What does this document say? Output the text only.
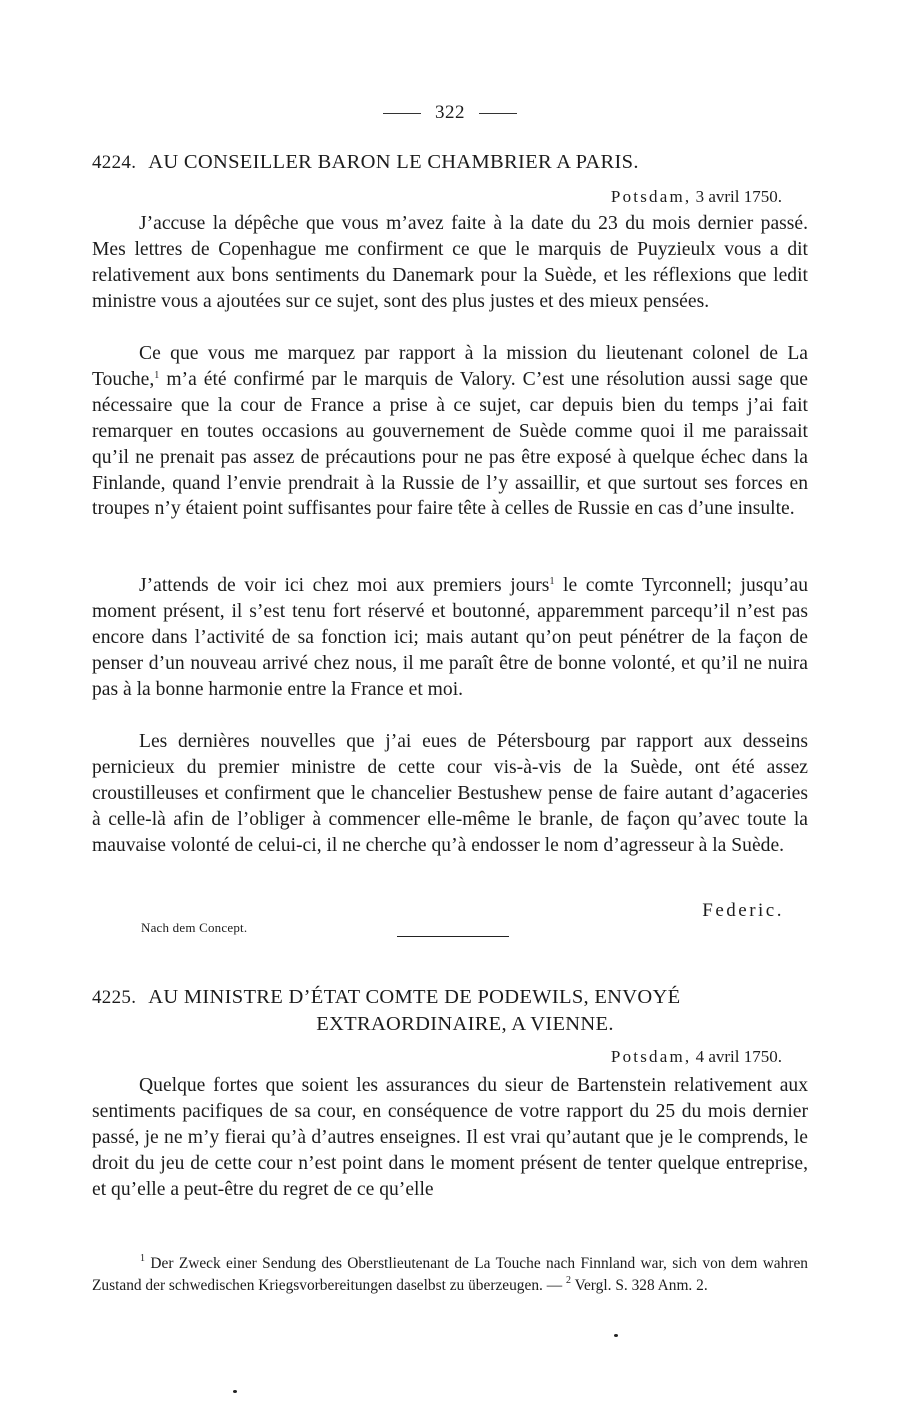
322
4224. AU CONSEILLER BARON LE CHAMBRIER A PARIS.
Potsdam, 3 avril 1750.

J’accuse la dépêche que vous m’avez faite à la date du 23 du mois dernier passé. Mes lettres de Copenhague me confirment ce que le marquis de Puyzieulx vous a dit relativement aux bons sentiments du Danemark pour la Suède, et les réflexions que ledit ministre vous a ajoutées sur ce sujet, sont des plus justes et des mieux pensées.

Ce que vous me marquez par rapport à la mission du lieutenant colonel de La Touche,$^1$ m’a été confirmé par le marquis de Valory. C’est une résolution aussi sage que nécessaire que la cour de France a prise à ce sujet, car depuis bien du temps j’ai fait remarquer en toutes occasions au gouvernement de Suède comme quoi il me paraissait qu’il ne prenait pas assez de précautions pour ne pas être exposé à quelque échec dans la Finlande, quand l’envie prendrait à la Russie de l’y assaillir, et que surtout ses forces en troupes n’y étaient point suffisantes pour faire tête à celles de Russie en cas d’une insulte.

J’attends de voir ici chez moi aux premiers jours$^1$ le comte Tyrconnell; jusqu’au moment présent, il s’est tenu fort réservé et boutonné, apparemment parcequ’il n’est pas encore dans l’activité de sa fonction ici; mais autant qu’on peut pénétrer de la façon de penser d’un nouveau arrivé chez nous, il me paraît être de bonne volonté, et qu’il ne nuira pas à la bonne harmonie entre la France et moi.

Les dernières nouvelles que j’ai eues de Pétersbourg par rapport aux desseins pernicieux du premier ministre de cette cour vis-à-vis de la Suède, ont été assez croustilleuses et confirment que le chancelier Bestushew pense de faire autant d’agaceries à celle-là afin de l’obliger à commencer elle-même le branle, de façon qu’avec toute la mauvaise volonté de celui-ci, il ne cherche qu’à endosser le nom d’agresseur à la Suède.

Federic.
Nach dem Concept.
4225. AU MINISTRE D’ÉTAT COMTE DE PODEWILS, ENVOYÉ
EXTRAORDINAIRE, A VIENNE.
Potsdam, 4 avril 1750.

Quelque fortes que soient les assurances du sieur de Bartenstein relativement aux sentiments pacifiques de sa cour, en conséquence de votre rapport du 25 du mois dernier passé, je ne m’y fierai qu’à d’autres enseignes. Il est vrai qu’autant que je le comprends, le droit du jeu de cette cour n’est point dans le moment présent de tenter quelque entreprise, et qu’elle a peut-être du regret de ce qu’elle

$^1$ Der Zweck einer Sendung des Oberstlieutenant de La Touche nach Finnland war, sich von dem wahren Zustand der schwedischen Kriegsvorbereitungen daselbst zu überzeugen. — $^2$ Vergl. S. 328 Anm. 2.
